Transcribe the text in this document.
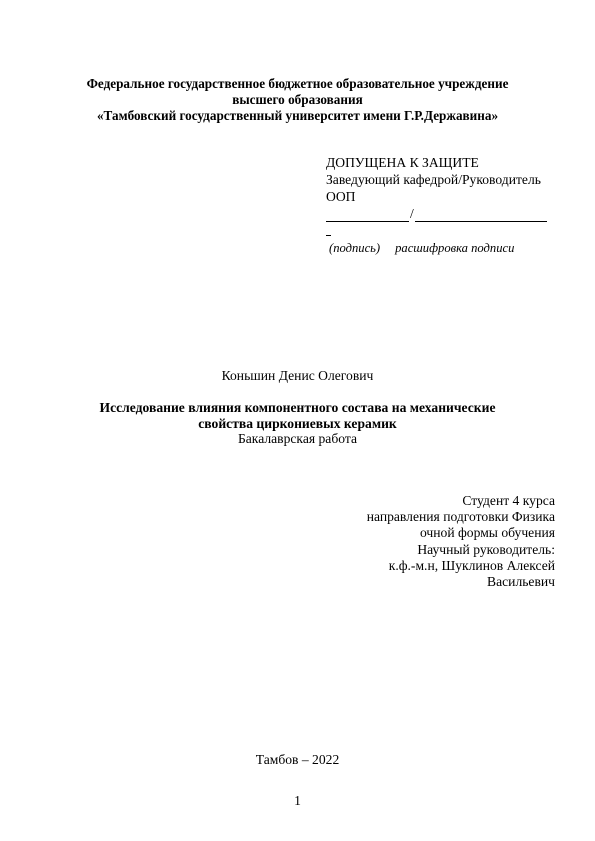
Федеральное государственное бюджетное образовательное учреждение
высшего образования
«Тамбовский государственный университет имени Г.Р.Державина»
ДОПУЩЕНА К ЗАЩИТЕ
Заведующий кафедрой/Руководитель
ООП
/
(подпись) расшифровка подписи
Коньшин Денис Олегович
Исследование влияния компонентного состава на механические
свойства циркониевых керамик
Бакалаврская работа
Студент 4 курса
направления подготовки Физика
очной формы обучения
Научный руководитель:
к.ф.-м.н, Шуклинов Алексей
Васильевич
Тамбов – 2022
1
